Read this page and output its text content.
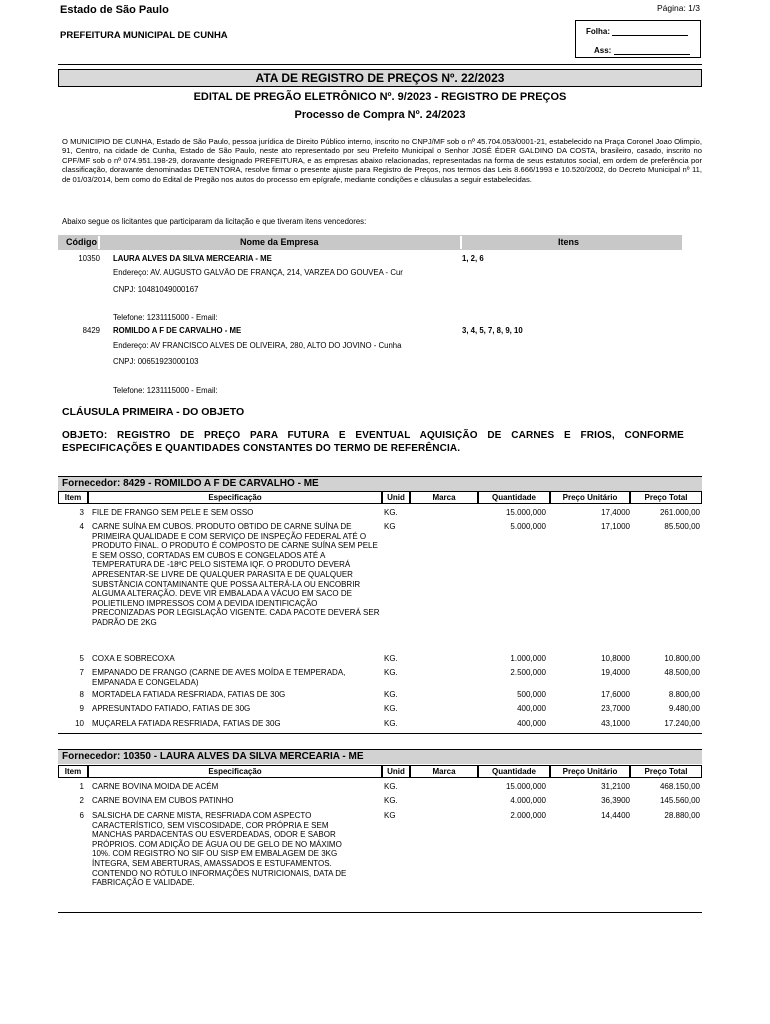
Estado de São Paulo	Página: 1/3
PREFEITURA MUNICIPAL DE CUNHA	Folha:
Ass:
ATA DE REGISTRO DE PREÇOS Nº. 22/2023
EDITAL DE PREGÃO ELETRÔNICO Nº. 9/2023 - REGISTRO DE PREÇOS
Processo de Compra Nº. 24/2023
O MUNICIPIO DE CUNHA, Estado de São Paulo, pessoa jurídica de Direito Público interno, inscrito no CNPJ/MF sob o nº 45.704.053/0001-21, estabelecido na Praça Coronel Joao Olimpio, 91, Centro, na cidade de Cunha, Estado de São Paulo, neste ato representado por seu Prefeito Municipal o Senhor JOSÉ ÉDER GALDINO DA COSTA, brasileiro, casado, inscrito no CPF/MF sob o nº 074.951.198-29, doravante designado PREFEITURA, e as empresas abaixo relacionadas, representadas na forma de seus estatutos social, em ordem de preferência por classificação, doravante denominadas DETENTORA, resolve firmar o presente ajuste para Registro de Preços, nos termos das Leis 8.666/1993 e 10.520/2002, do Decreto Municipal nº 11, de 01/03/2014, bem como do Edital de Pregão nos autos do processo em epígrafe, mediante condições e cláusulas a seguir estabelecidas.
Abaixo segue os licitantes que participaram da licitação e que tiveram itens vencedores:
Código	Nome da Empresa	Itens
10350 LAURA ALVES DA SILVA MERCEARIA - ME	1, 2, 6
Endereço: AV. AUGUSTO GALVÃO DE FRANÇA, 214, VARZEA DO GOUVEA - Cur
CNPJ: 10481049000167
Telefone: 1231115000 - Email:
8429 ROMILDO A F DE CARVALHO - ME	3, 4, 5, 7, 8, 9, 10
Endereço: AV FRANCISCO ALVES DE OLIVEIRA, 280, ALTO DO JOVINO - Cunha
CNPJ: 00651923000103
Telefone: 1231115000 - Email:
CLÁUSULA PRIMEIRA - DO OBJETO
OBJETO: REGISTRO DE PREÇO PARA FUTURA E EVENTUAL AQUISIÇÃO DE CARNES E FRIOS, CONFORME ESPECIFICAÇÕES E QUANTIDADES CONSTANTES DO TERMO DE REFERÊNCIA.
Fornecedor: 8429 - ROMILDO A F DE CARVALHO - ME
Item	Especificação	Unid	Marca	Quantidade	Preço Unitário	Preço Total
3 FILE DE FRANGO SEM PELE E SEM OSSO	KG.	15.000,000	17,4000	261.000,00
4 CARNE SUÍNA EM CUBOS. PRODUTO OBTIDO DE CARNE SUÍNA DE PRIMEIRA QUALIDADE E COM SERVIÇO DE INSPEÇÃO FEDERAL ATÉ O PRODUTO FINAL. O PRODUTO É COMPOSTO DE CARNE SUÍNA SEM PELE E SEM OSSO, CORTADAS EM CUBOS E CONGELADOS ATÉ A TEMPERATURA DE -18ºC PELO SISTEMA IQF. O PRODUTO DEVERÁ APRESENTAR-SE LIVRE DE QUALQUER PARASITA E DE QUALQUER SUBSTÂNCIA CONTAMINANTE QUE POSSA ALTERÁ-LA OU ENCOBRIR ALGUMA ALTERAÇÃO. DEVE VIR EMBALADA A VÁCUO EM SACO DE POLIETILENO IMPRESSOS COM A DEVIDA IDENTIFICAÇÃO PRECONIZADAS POR LEGISLAÇÃO VIGENTE. CADA PACOTE DEVERÁ SER PADRÃO DE 2KG
KG	5.000,000	17,1000	85.500,00
5 COXA E SOBRECOXA	KG.	1.000,000	10,8000	10.800,00
7 EMPANADO DE FRANGO (CARNE DE AVES MOÍDA E TEMPERADA, EMPANADA E CONGELADA)
KG.	2.500,000	19,4000	48.500,00
8 MORTADELA FATIADA RESFRIADA, FATIAS DE 30G	KG.	500,000	17,6000	8.800,00
9 APRESUNTADO FATIADO, FATIAS DE 30G	KG.	400,000	23,7000	9.480,00
10 MUÇARELA FATIADA RESFRIADA, FATIAS DE 30G	KG.	400,000	43,1000	17.240,00
Fornecedor: 10350 - LAURA ALVES DA SILVA MERCEARIA - ME
Item	Especificação	Unid	Marca	Quantidade	Preço Unitário	Preço Total
1 CARNE BOVINA MOIDA DE ACÉM	KG.	15.000,000	31,2100	468.150,00
2 CARNE BOVINA EM CUBOS PATINHO	KG.	4.000,000	36,3900	145.560,00
6 SALSICHA DE CARNE MISTA, RESFRIADA COM ASPECTO CARACTERÍSTICO, SEM VISCOSIDADE, COR PRÓPRIA E SEM MANCHAS PARDACENTAS OU ESVERDEADAS, ODOR E SABOR PRÓPRIOS. COM ADIÇÃO DE ÁGUA OU DE GELO DE NO MÁXIMO 10%. COM REGISTRO NO SIF OU SISP EM EMBALAGEM DE 3KG ÍNTEGRA, SEM ABERTURAS, AMASSADOS E ESTUFAMENTOS. CONTENDO NO RÓTULO INFORMAÇÕES NUTRICIONAIS, DATA DE FABRICAÇÃO E VALIDADE.
KG	2.000,000	14,4400	28.880,00
